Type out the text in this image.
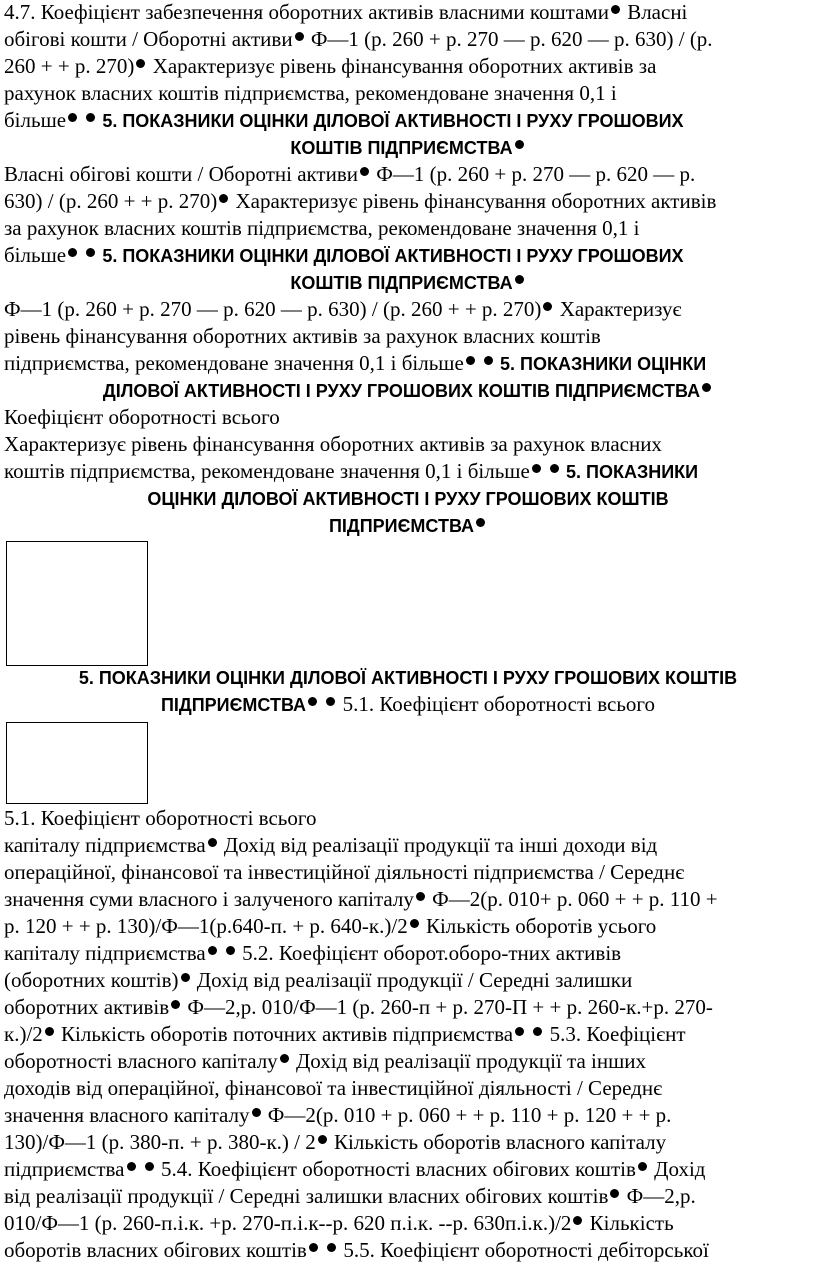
4.7. Коефіцієнт забезпечення оборотних активів власними коштами Власні
обігові кошти / Оборотні активи Ф—1 (р. 260 + р. 270 — р. 620 — р. 630) / (р.
260 + + р. 270) Характеризує рівень фінансування оборотних активів за
рахунок власних коштів підприємства, рекомендоване значення 0,1 і
більше  5. ПОКАЗНИКИ ОЦІНКИ ДІЛОВОЇ АКТИВНОСТІ І РУХУ ГРОШОВИХ
КОШТІВ ПІДПРИЄМСТВА
Власні обігові кошти / Оборотні активи Ф—1 (р. 260 + р. 270 — р. 620 — р.
630) / (р. 260 + + р. 270) Характеризує рівень фінансування оборотних активів
за рахунок власних коштів підприємства, рекомендоване значення 0,1 і
більше  5. ПОКАЗНИКИ ОЦІНКИ ДІЛОВОЇ АКТИВНОСТІ І РУХУ ГРОШОВИХ
КОШТІВ ПІДПРИЄМСТВА
Ф—1 (р. 260 + р. 270 — р. 620 — р. 630) / (р. 260 + + р. 270) Характеризує
рівень фінансування оборотних активів за рахунок власних коштів
підприємства, рекомендоване значення 0,1 і більше  5. ПОКАЗНИКИ ОЦІНКИ
ДІЛОВОЇ АКТИВНОСТІ І РУХУ ГРОШОВИХ КОШТІВ ПІДПРИЄМСТВА
Коефіцієнт оборотності всього
Характеризує рівень фінансування оборотних активів за рахунок власних
коштів підприємства, рекомендоване значення 0,1 і більше  5. ПОКАЗНИКИ
ОЦІНКИ ДІЛОВОЇ АКТИВНОСТІ І РУХУ ГРОШОВИХ КОШТІВ
ПІДПРИЄМСТВА
5. ПОКАЗНИКИ ОЦІНКИ ДІЛОВОЇ АКТИВНОСТІ І РУХУ ГРОШОВИХ КОШТІВ
ПІДПРИЄМСТВА  5.1. Коефіцієнт оборотності всього
5.1. Коефіцієнт оборотності всього
капіталу підприємства Дохід від реалізації продукції та інші доходи від
операційної, фінансової та інвестиційної діяльності підприємства / Середнє
значення суми власного і залученого капіталу Ф—2(р. 010+ р. 060 + + р. 110 +
р. 120 + + р. 130)/Ф—1(р.640-п. + р. 640-к.)/2 Кількість оборотів усього
капіталу підприємства  5.2. Коефіцієнт оборот.оборо-тних активів
(оборотних коштів) Дохід від реалізації продукції / Середні залишки
оборотних активів Ф—2,р. 010/Ф—1 (р. 260-п + р. 270-П + + р. 260-к.+р. 270-
к.)/2 Кількість оборотів поточних активів підприємства  5.3. Коефіцієнт
оборотності власного капіталу Дохід від реалізації продукції та інших
доходів від операційної, фінансової та інвестиційної діяльності / Середнє
значення власного капіталу Ф—2(р. 010 + р. 060 + + р. 110 + р. 120 + + р.
130)/Ф—1 (р. 380-п. + р. 380-к.) / 2 Кількість оборотів власного капіталу
підприємства  5.4. Коефіцієнт оборотності власних обігових коштів Дохід
від реалізації продукції / Середні залишки власних обігових коштів Ф—2,р.
010/Ф—1 (р. 260-п.і.к. +р. 270-п.і.к--р. 620 п.і.к. --р. 630п.і.к.)/2 Кількість
оборотів власних обігових коштів  5.5. Коефіцієнт оборотності дебіторської
